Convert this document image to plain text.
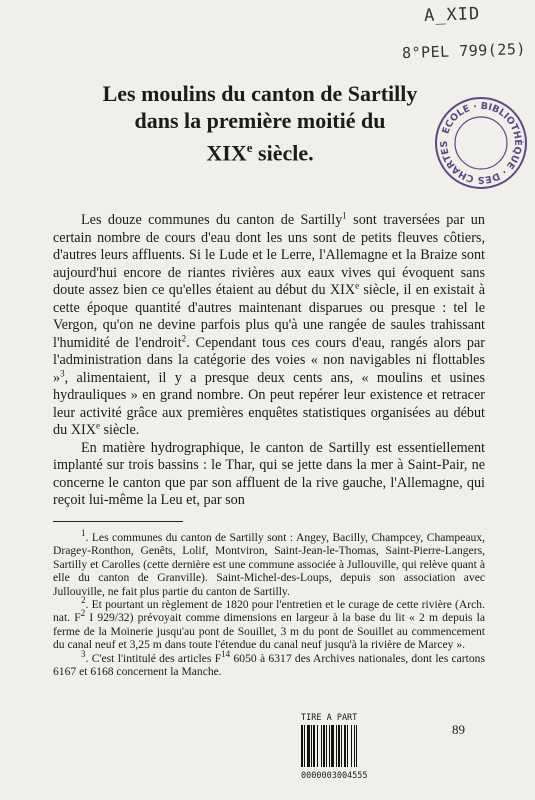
A_XID
8°PEL 799(25)
Les moulins du canton de Sartilly
dans la première moitié du
XIXe siècle.
ECOLE · BIBLIOTHÈQUE · DES CHARTES

Les douze communes du canton de Sartilly$^1$ sont traversées par un certain nombre de cours d'eau dont les uns sont de petits fleuves côtiers, d'autres leurs affluents. Si le Lude et le Lerre, l'Allemagne et la Braize sont aujourd'hui encore de riantes rivières aux eaux vives qui évoquent sans doute assez bien ce qu'elles étaient au début du XIXe siècle, il en existait à cette époque quantité d'autres maintenant disparues ou presque : tel le Vergon, qu'on ne devine parfois plus qu'à une rangée de saules trahissant l'humidité de l'endroit$^2$. Cependant tous ces cours d'eau, rangés alors par l'administration dans la catégorie des voies « non navigables ni flottables »$^3$, alimentaient, il y a presque deux cents ans, « moulins et usines hydrauliques » en grand nombre. On peut repérer leur existence et retracer leur activité grâce aux premières enquêtes statistiques organisées au début du XIXe siècle.

En matière hydrographique, le canton de Sartilly est essentiellement implanté sur trois bassins : le Thar, qui se jette dans la mer à Saint-Pair, ne concerne le canton que par son affluent de la rive gauche, l'Allemagne, qui reçoit lui-même la Leu et, par son

$^1$. Les communes du canton de Sartilly sont : Angey, Bacilly, Champcey, Champeaux, Dragey-Ronthon, Genêts, Lolif, Montviron, Saint-Jean-le-Thomas, Saint-Pierre-Langers, Sartilly et Carolles (cette dernière est une commune associée à Jullouville, qui relève quant à elle du canton de Granville). Saint-Michel-des-Loups, depuis son association avec Jullouville, ne fait plus partie du canton de Sartilly.

$^2$. Et pourtant un règlement de 1820 pour l'entretien et le curage de cette rivière (Arch. nat. $F^2$ I 929/32) prévoyait comme dimensions en largeur à la base du lit « 2 m depuis la ferme de la Moinerie jusqu'au pont de Souillet, 3 m du pont de Souillet au commencement du canal neuf et 3,25 m dans toute l'étendue du canal neuf jusqu'à la rivière de Marcey ».

$^3$. C'est l'intitulé des articles $F^{14}$ 6050 à 6317 des Archives nationales, dont les cartons 6167 et 6168 concernent la Manche.

TIRE A PART
0000003004555
89
